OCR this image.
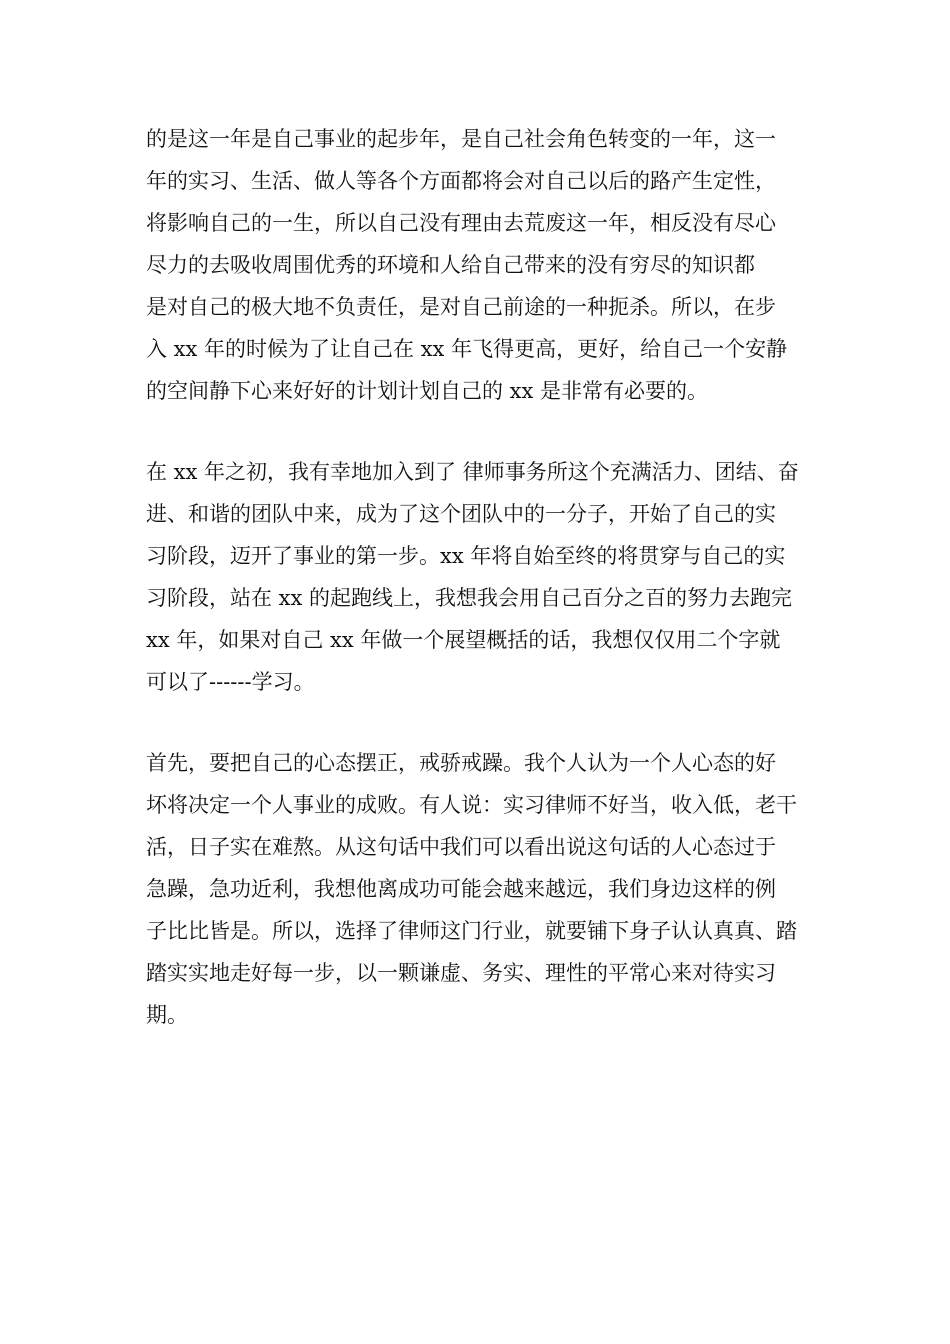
的是这一年是自己事业的起步年，是自己社会角色转变的一年，这一
年的实习、生活、做人等各个方面都将会对自己以后的路产生定性，
将影响自己的一生，所以自己没有理由去荒废这一年，相反没有尽心
尽力的去吸收周围优秀的环境和人给自己带来的没有穷尽的知识都
是对自己的极大地不负责任，是对自己前途的一种扼杀。所以，在步
入 xx 年的时候为了让自己在 xx 年飞得更高，更好，给自己一个安静
的空间静下心来好好的计划计划自己的 xx 是非常有必要的。

在 xx 年之初，我有幸地加入到了 律师事务所这个充满活力、团结、奋
进、和谐的团队中来，成为了这个团队中的一分子，开始了自己的实
习阶段，迈开了事业的第一步。xx 年将自始至终的将贯穿与自己的实
习阶段，站在 xx 的起跑线上，我想我会用自己百分之百的努力去跑完
xx 年，如果对自己 xx 年做一个展望概括的话，我想仅仅用二个字就
可以了------学习。

首先，要把自己的心态摆正，戒骄戒躁。我个人认为一个人心态的好
坏将决定一个人事业的成败。有人说：实习律师不好当，收入低，老干
活，日子实在难熬。从这句话中我们可以看出说这句话的人心态过于
急躁，急功近利，我想他离成功可能会越来越远，我们身边这样的例
子比比皆是。所以，选择了律师这门行业，就要铺下身子认认真真、踏
踏实实地走好每一步，以一颗谦虚、务实、理性的平常心来对待实习
期。
